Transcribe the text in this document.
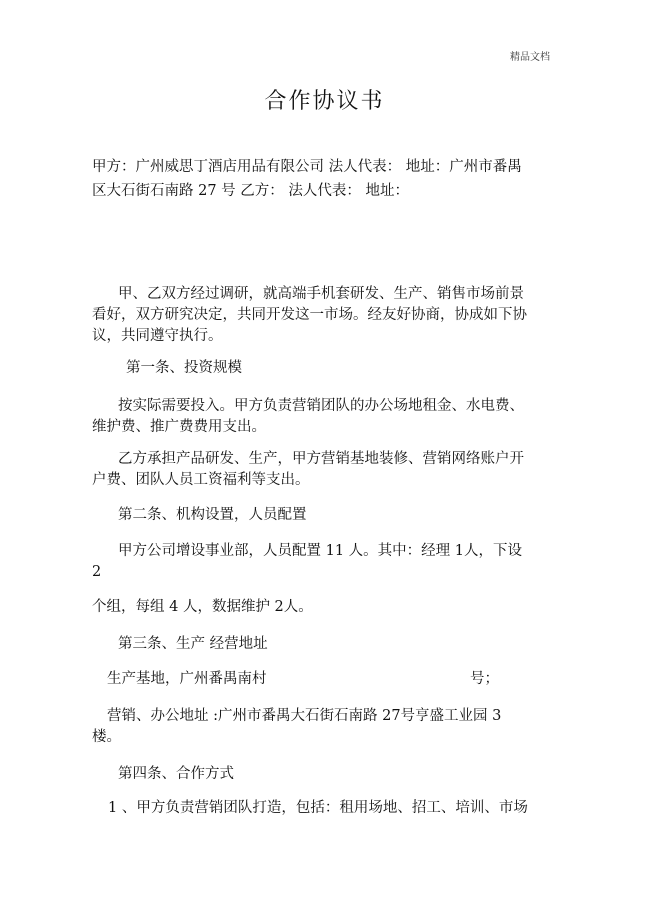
精品文档
合作协议书
甲方：广州威思丁酒店用品有限公司 法人代表： 地址：广州市番禺
区大石街石南路 27 号 乙方： 法人代表： 地址：
甲、乙双方经过调研，就高端手机套研发、生产、销售市场前景
看好，双方研究决定，共同开发这一市场。经友好协商，协成如下协
议，共同遵守执行。
第一条、投资规模
按实际需要投入。甲方负责营销团队的办公场地租金、水电费、
维护费、推广费费用支出。
乙方承担产品研发、生产，甲方营销基地装修、营销网络账户开
户费、团队人员工资福利等支出。
第二条、机构设置，人员配置
甲方公司增设事业部，人员配置 11 人。其中：经理 1人，下设
2
个组，每组 4 人，数据维护 2人。
第三条、生产 经营地址
生产基地，广州番禺南村	号；
营销、办公地址 :广州市番禺大石街石南路 27号亨盛工业园 3
楼。
第四条、合作方式
1 、甲方负责营销团队打造，包括：租用场地、招工、培训、市场
